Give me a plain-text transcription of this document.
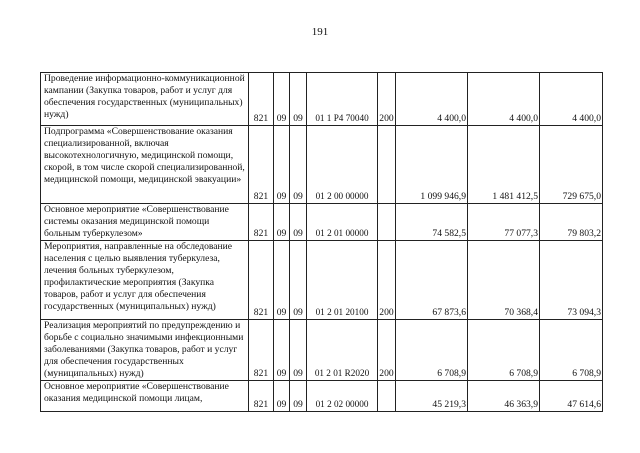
191
Проведение информационно-коммуникационной кампании (Закупка товаров, работ и услуг для обеспечения государственных (муниципальных) нужд)	821	09	09	01 1 Р4 70040	200	4 400,0	4 400,0	4 400,0
Подпрограмма «Совершенствование оказания специализированной, включая высокотехнологичную, медицинской помощи, скорой, в том числе скорой специализированной, медицинской помощи, медицинской эвакуации»	821	09	09	01 2 00 00000		1 099 946,9	1 481 412,5	729 675,0
Основное мероприятие «Совершенствование системы оказания медицинской помощи больным туберкулезом»	821	09	09	01 2 01 00000		74 582,5	77 077,3	79 803,2
Мероприятия, направленные на обследование населения с целью выявления туберкулеза, лечения больных туберкулезом, профилактические мероприятия (Закупка товаров, работ и услуг для обеспечения государственных (муниципальных) нужд)	821	09	09	01 2 01 20100	200	67 873,6	70 368,4	73 094,3
Реализация мероприятий по предупреждению и борьбе с социально значимыми инфекционными заболеваниями (Закупка товаров, работ и услуг для обеспечения государственных (муниципальных) нужд)	821	09	09	01 2 01 R2020	200	6 708,9	6 708,9	6 708,9
Основное мероприятие «Совершенствование оказания медицинской помощи лицам,	821	09	09	01 2 02 00000		45 219,3	46 363,9	47 614,6
